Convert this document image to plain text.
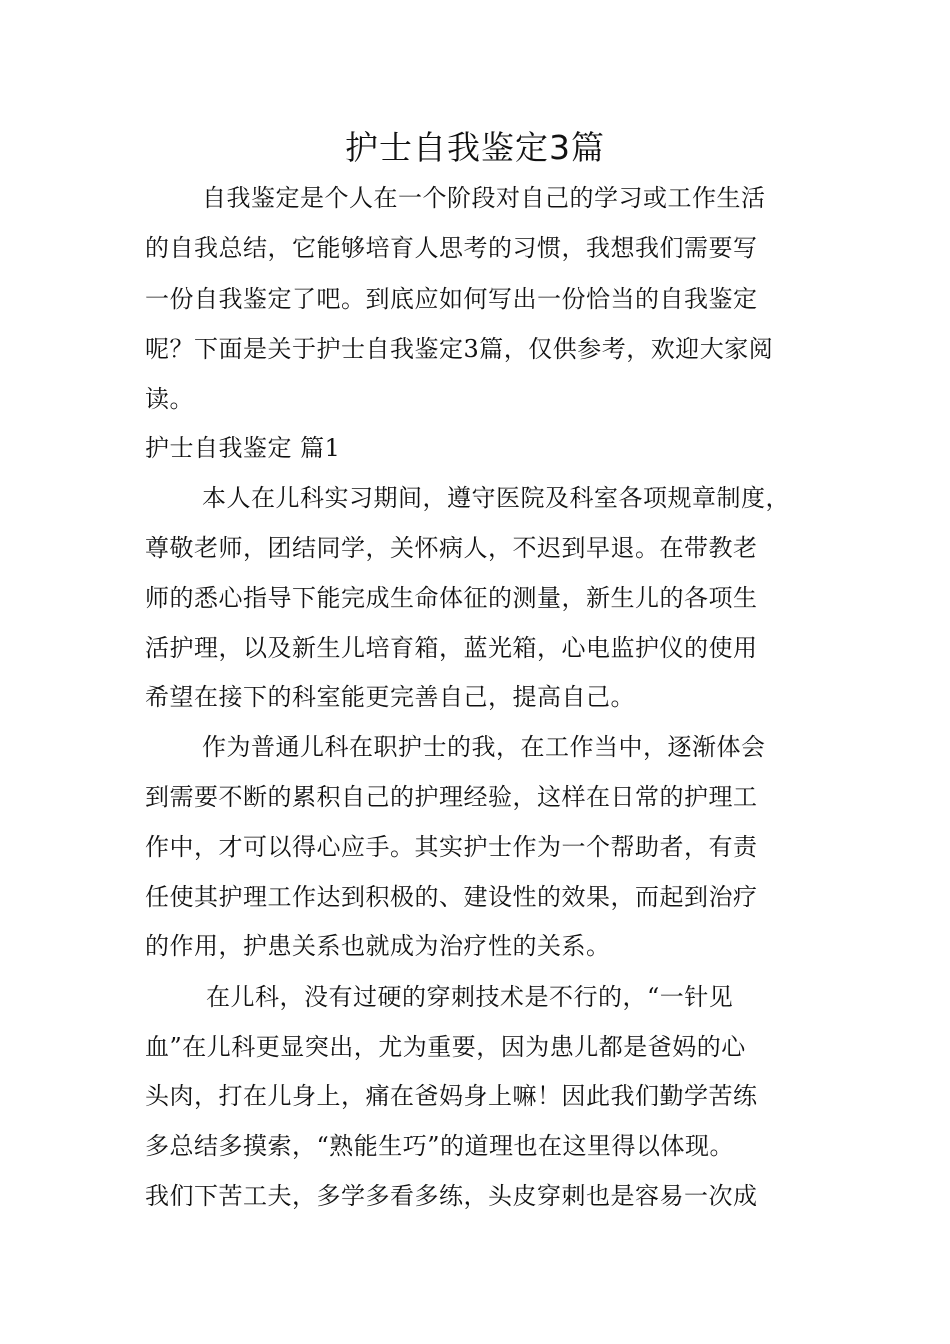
护士自我鉴定3篇
自我鉴定是个人在一个阶段对自己的学习或工作生活
的自我总结，它能够培育人思考的习惯，我想我们需要写
一份自我鉴定了吧。到底应如何写出一份恰当的自我鉴定
呢？下面是关于护士自我鉴定3篇，仅供参考，欢迎大家阅
读。
护士自我鉴定 篇1
本人在儿科实习期间，遵守医院及科室各项规章制度，
尊敬老师，团结同学，关怀病人，不迟到早退。在带教老
师的悉心指导下能完成生命体征的测量，新生儿的各项生
活护理，以及新生儿培育箱，蓝光箱，心电监护仪的使用
希望在接下的科室能更完善自己，提高自己。
作为普通儿科在职护士的我，在工作当中，逐渐体会
到需要不断的累积自己的护理经验，这样在日常的护理工
作中，才可以得心应手。其实护士作为一个帮助者，有责
任使其护理工作达到积极的、建设性的效果，而起到治疗
的作用，护患关系也就成为治疗性的关系。
在儿科，没有过硬的穿刺技术是不行的，“一针见
血”在儿科更显突出，尤为重要，因为患儿都是爸妈的心
头肉，打在儿身上，痛在爸妈身上嘛！因此我们勤学苦练
多总结多摸索，“熟能生巧”的道理也在这里得以体现。
我们下苦工夫，多学多看多练，头皮穿刺也是容易一次成
